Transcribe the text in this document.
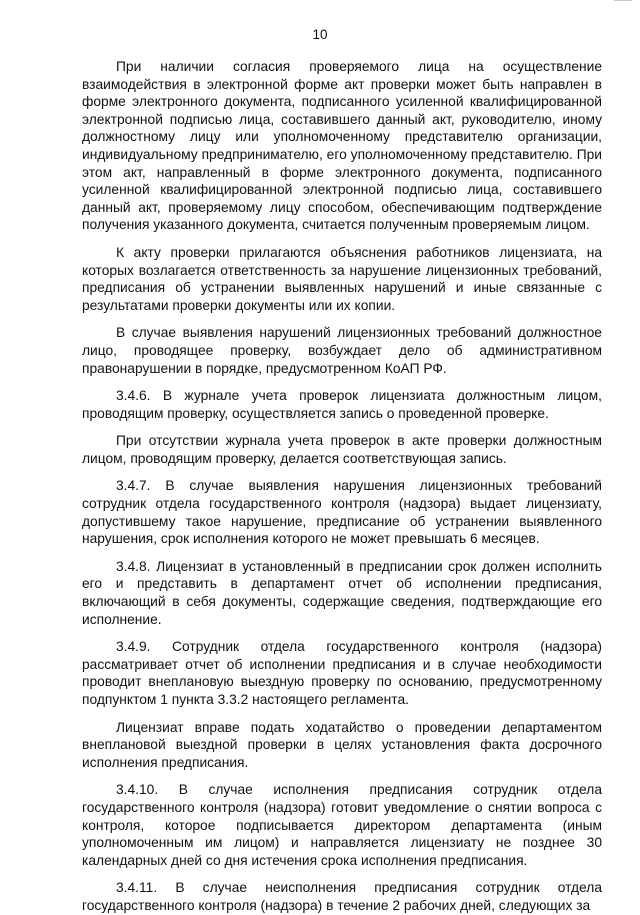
10

При наличии согласия проверяемого лица на осуществление взаимодействия в электронной форме акт проверки может быть направлен в форме электронного документа, подписанного усиленной квалифицированной электронной подписью лица, составившего данный акт, руководителю, иному должностному лицу или уполномоченному представителю организации, индивидуальному предпринимателю, его уполномоченному представителю. При этом акт, направленный в форме электронного документа, подписанного усиленной квалифицированной электронной подписью лица, составившего данный акт, проверяемому лицу способом, обеспечивающим подтверждение получения указанного документа, считается полученным проверяемым лицом.

К акту проверки прилагаются объяснения работников лицензиата, на которых возлагается ответственность за нарушение лицензионных требований, предписания об устранении выявленных нарушений и иные связанные с результатами проверки документы или их копии.

В случае выявления нарушений лицензионных требований должностное лицо, проводящее проверку, возбуждает дело об административном правонарушении в порядке, предусмотренном КоАП РФ.

3.4.6. В журнале учета проверок лицензиата должностным лицом, проводящим проверку, осуществляется запись о проведенной проверке.

При отсутствии журнала учета проверок в акте проверки должностным лицом, проводящим проверку, делается соответствующая запись.

3.4.7. В случае выявления нарушения лицензионных требований сотрудник отдела государственного контроля (надзора) выдает лицензиату, допустившему такое нарушение, предписание об устранении выявленного нарушения, срок исполнения которого не может превышать 6 месяцев.

3.4.8. Лицензиат в установленный в предписании срок должен исполнить его и представить в департамент отчет об исполнении предписания, включающий в себя документы, содержащие сведения, подтверждающие его исполнение.

3.4.9. Сотрудник отдела государственного контроля (надзора) рассматривает отчет об исполнении предписания и в случае необходимости проводит внеплановую выездную проверку по основанию, предусмотренному подпунктом 1 пункта 3.3.2 настоящего регламента.

Лицензиат вправе подать ходатайство о проведении департаментом внеплановой выездной проверки в целях установления факта досрочного исполнения предписания.

3.4.10. В случае исполнения предписания сотрудник отдела государственного контроля (надзора) готовит уведомление о снятии вопроса с контроля, которое подписывается директором департамента (иным уполномоченным им лицом) и направляется лицензиату не позднее 30 календарных дней со дня истечения срока исполнения предписания.

3.4.11. В случае неисполнения предписания сотрудник отдела государственного контроля (надзора) в течение 2 рабочих дней, следующих за
